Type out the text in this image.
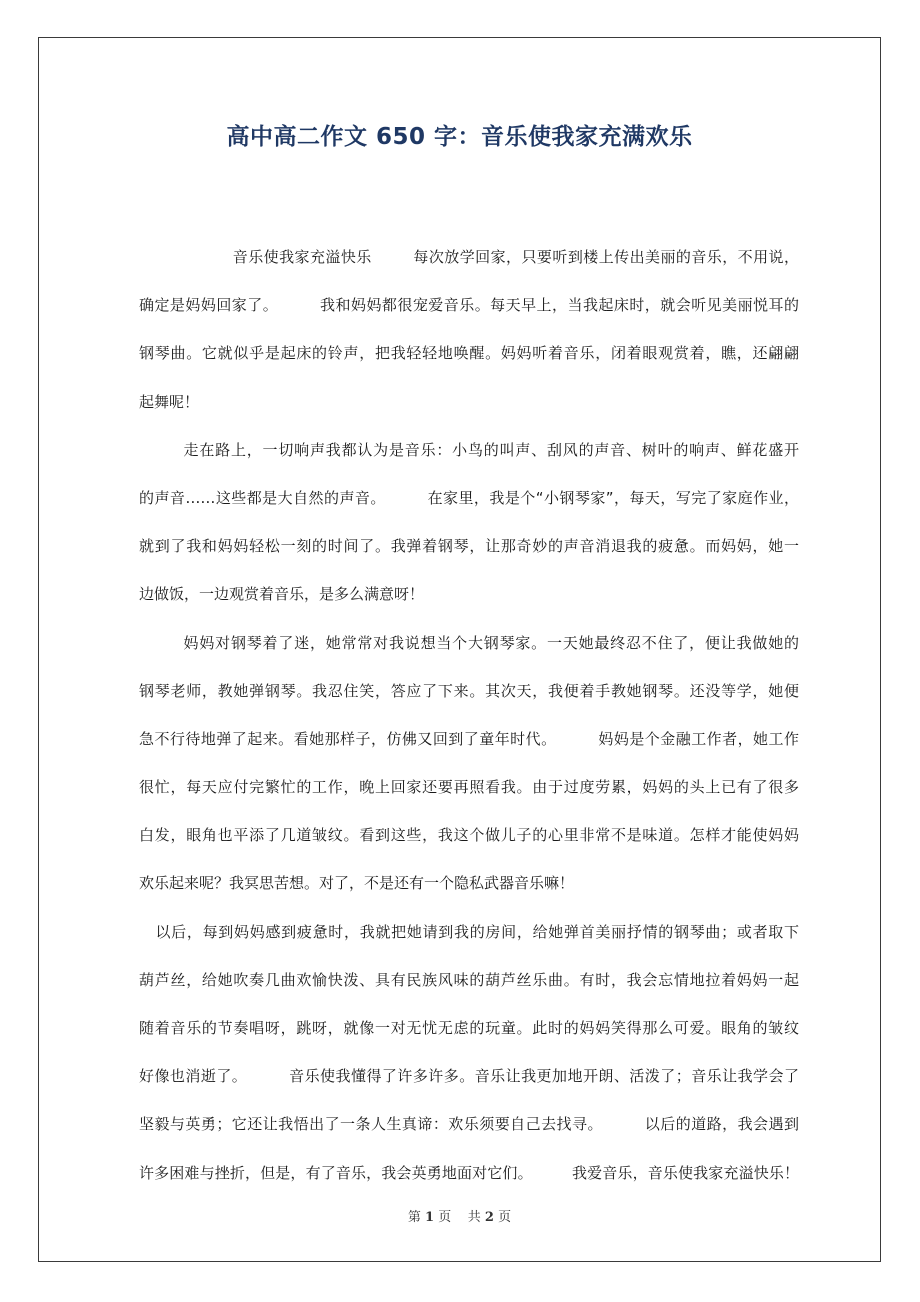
高中高二作文 650 字：音乐使我家充满欢乐
音乐使我家充溢快乐        每次放学回家，只要听到楼上传出美丽的音乐，不用说，
确定是妈妈回家了。        我和妈妈都很宠爱音乐。每天早上，当我起床时，就会听见美丽悦耳的
钢琴曲。它就似乎是起床的铃声，把我轻轻地唤醒。妈妈听着音乐，闭着眼观赏着，瞧，还翩翩
起舞呢！
走在路上，一切响声我都认为是音乐：小鸟的叫声、刮风的声音、树叶的响声、鲜花盛开
的声音……这些都是大自然的声音。        在家里，我是个“小钢琴家”，每天，写完了家庭作业，
就到了我和妈妈轻松一刻的时间了。我弹着钢琴，让那奇妙的声音消退我的疲惫。而妈妈，她一
边做饭，一边观赏着音乐，是多么满意呀！
妈妈对钢琴着了迷，她常常对我说想当个大钢琴家。一天她最终忍不住了，便让我做她的
钢琴老师，教她弹钢琴。我忍住笑，答应了下来。其次天，我便着手教她钢琴。还没等学，她便
急不行待地弹了起来。看她那样子，仿佛又回到了童年时代。        妈妈是个金融工作者，她工作
很忙，每天应付完繁忙的工作，晚上回家还要再照看我。由于过度劳累，妈妈的头上已有了很多
白发，眼角也平添了几道皱纹。看到这些，我这个做儿子的心里非常不是味道。怎样才能使妈妈
欢乐起来呢？我冥思苦想。对了，不是还有一个隐私武器音乐嘛！
以后，每到妈妈感到疲惫时，我就把她请到我的房间，给她弹首美丽抒情的钢琴曲；或者取下
葫芦丝，给她吹奏几曲欢愉快泼、具有民族风味的葫芦丝乐曲。有时，我会忘情地拉着妈妈一起
随着音乐的节奏唱呀，跳呀，就像一对无忧无虑的玩童。此时的妈妈笑得那么可爱。眼角的皱纹
好像也消逝了。        音乐使我懂得了许多许多。音乐让我更加地开朗、活泼了；音乐让我学会了
坚毅与英勇；它还让我悟出了一条人生真谛：欢乐须要自己去找寻。        以后的道路，我会遇到
许多困难与挫折，但是，有了音乐，我会英勇地面对它们。        我爱音乐，音乐使我家充溢快乐！
第 1 页    共 2 页
